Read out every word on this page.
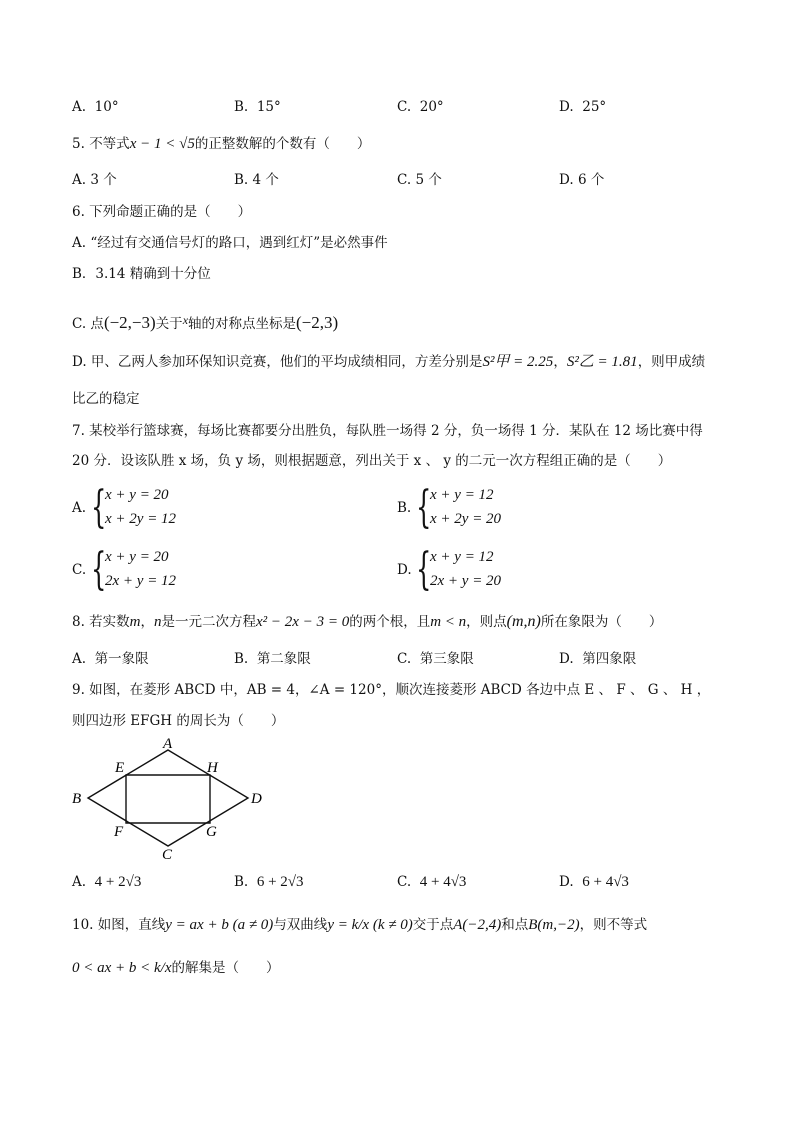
A. 10°	B. 15°	C. 20°	D. 25°
5. 不等式x − 1 < √5的正整数解的个数有（　　）
A. 3 个	B. 4 个	C. 5 个	D. 6 个
6. 下列命题正确的是（　　）
A. “经过有交通信号灯的路口，遇到红灯”是必然事件
B．3.14 精确到十分位
C. 点(−2,−3)关于x轴的对称点坐标是(−2,3)
D. 甲、乙两人参加环保知识竞赛，他们的平均成绩相同，方差分别是S²甲 = 2.25，S²乙 = 1.81，则甲成绩
比乙的稳定
7. 某校举行篮球赛，每场比赛都要分出胜负，每队胜一场得 2 分，负一场得 1 分．某队在 12 场比赛中得
20 分．设该队胜 x 场，负 y 场，则根据题意，列出关于 x 、 y 的二元一次方程组正确的是（　　）
A. {
x + y = 20
x + 2y = 12
B. {
x + y = 12
x + 2y = 20
C. {
x + y = 20
2x + y = 12
D. {
x + y = 12
2x + y = 20
8. 若实数m，n是一元二次方程x² − 2x − 3 = 0的两个根，且m < n，则点(m,n)所在象限为（　　）
A. 第一象限	B. 第二象限	C. 第三象限	D. 第四象限
9. 如图，在菱形 ABCD 中，AB = 4，∠A = 120°，顺次连接菱形 ABCD 各边中点 E 、 F 、 G 、 H ，
则四边形 EFGH 的周长为（　　）
A
B
C
D
E	H
F	G
A. 4 + 2√3	B. 6 + 2√3	C. 4 + 4√3	D. 6 + 4√3
10. 如图，直线y = ax + b (a ≠ 0)与双曲线y = k/x (k ≠ 0)交于点A(−2,4)和点B(m,−2)，则不等式
0 < ax + b < k/x的解集是（　　）
